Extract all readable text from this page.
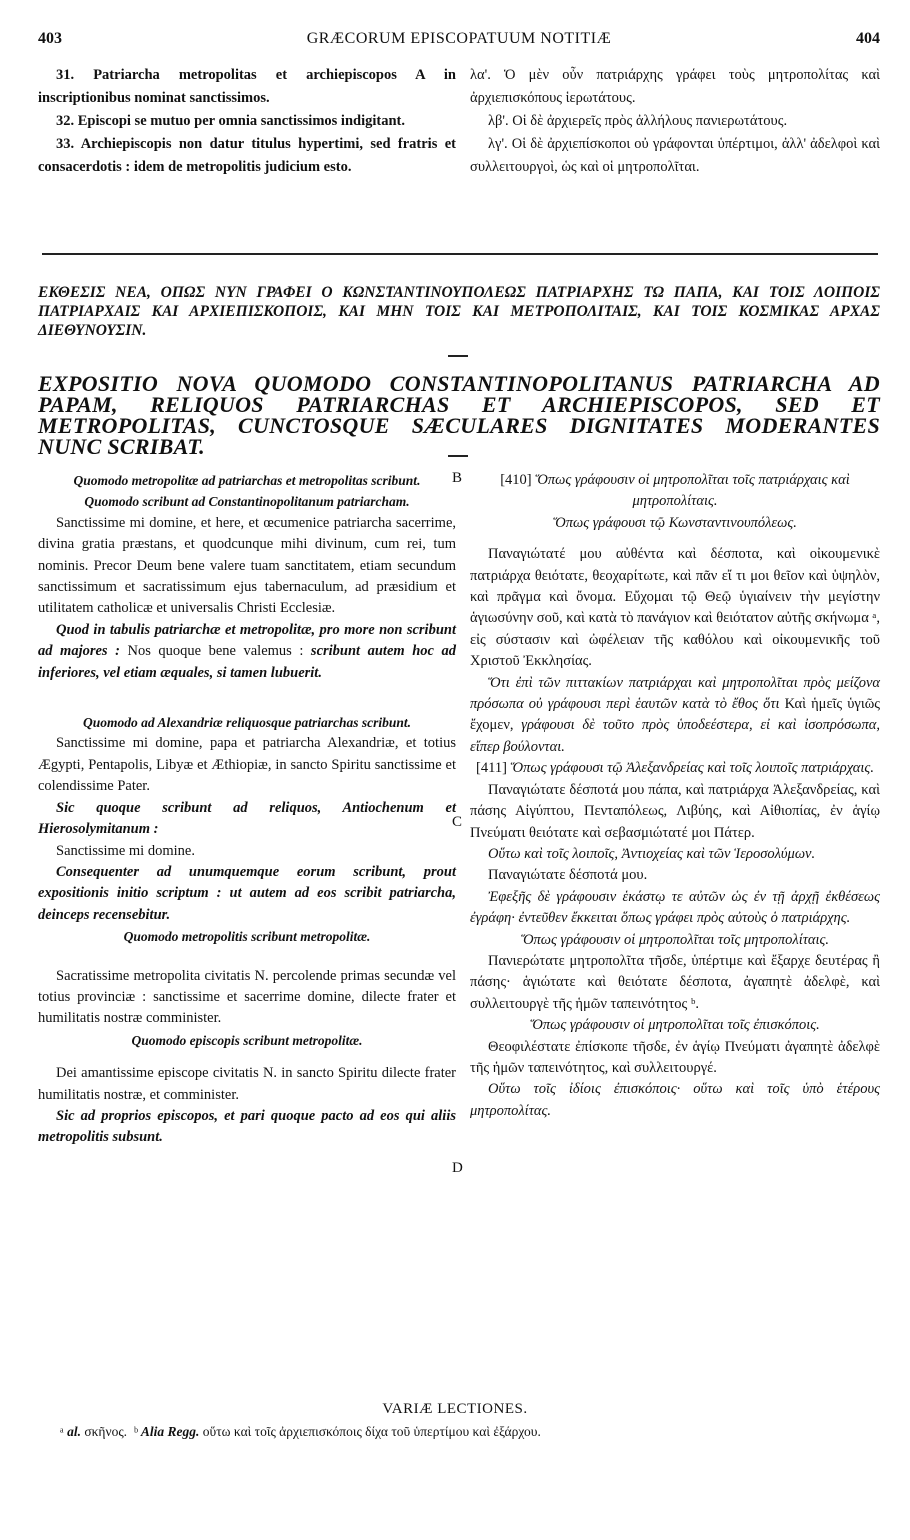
403	GRÆCORUM EPISCOPATUUM NOTITIÆ	404

31. Patriarcha metropolitas et archiepiscopos A in inscriptionibus nominat sanctissimos.

32. Episcopi se mutuo per omnia sanctissimos indigitant.

33. Archiepiscopis non datur titulus hypertimi, sed fratris et consacerdotis : idem de metropolitis judicium esto.

λα'. Ὁ μὲν οὖν πατριάρχης γράφει τοὺς μητροπολίτας καὶ ἀρχιεπισκόπους ἱερωτάτους.

λβ'. Οἱ δὲ ἀρχιερεῖς πρὸς ἀλλήλους πανιερωτάτους.

λγ'. Οἱ δὲ ἀρχιεπίσκοποι οὐ γράφονται ὑπέρτιμοι, ἀλλ' ἀδελφοὶ καὶ συλλειτουργοὶ, ὡς καὶ οἱ μητροπολῖται.

ΕΚΘΕΣΙΣ ΝΕΑ, ΟΠΩΣ ΝΥΝ ΓΡΑΦΕΙ Ο ΚΩΝΣΤΑΝΤΙΝΟΥΠΟΛΕΩΣ ΠΑΤΡΙΑΡΧΗΣ ΤΩ ΠΑΠΑ, ΚΑΙ ΤΟΙΣ ΛΟΙΠΟΙΣ ΠΑΤΡΙΑΡΧΑΙΣ ΚΑΙ ΑΡΧΙΕΠΙΣΚΟΠΟΙΣ, ΚΑΙ ΜΗΝ ΤΟΙΣ ΚΑΙ ΜΕΤΡΟΠΟΛΙΤΑΙΣ, ΚΑΙ ΤΟΙΣ ΚΟΣΜΙΚΑΣ ΑΡΧΑΣ ΔΙΕΘΥΝΟΥΣΙΝ.
EXPOSITIO NOVA QUOMODO CONSTANTINOPOLITANUS PATRIARCHA AD PAPAM, RELIQUOS PATRIARCHAS ET ARCHIEPISCOPOS, SED ET METROPOLITAS, CUNCTOSQUE SÆCULARES DIGNITATES MODERANTES NUNC SCRIBAT.
B
C
D

Quomodo metropolitæ ad patriarchas et metropolitas scribunt.

Quomodo scribunt ad Constantinopolitanum patriarcham.

Sanctissime mi domine, et here, et œcumenice patriarcha sacerrime, divina gratia præstans, et quodcunque mihi divinum, cum rei, tum nominis. Precor Deum bene valere tuam sanctitatem, etiam secundum sanctissimum et sacratissimum ejus tabernaculum, ad præsidium et utilitatem catholicæ et universalis Christi Ecclesiæ.

Quod in tabulis patriarchæ et metropolitæ, pro more non scribunt ad majores : Nos quoque bene valemus : scribunt autem hoc ad inferiores, vel etiam æquales, si tamen lubuerit.

Quomodo ad Alexandriæ reliquosque patriarchas scribunt.

Sanctissime mi domine, papa et patriarcha Alexandriæ, et totius Ægypti, Pentapolis, Libyæ et Æthiopiæ, in sancto Spiritu sanctissime et colendissime Pater.

Sic quoque scribunt ad reliquos, Antiochenum et Hierosolymitanum :

Sanctissime mi domine.

Consequenter ad unumquemque eorum scribunt, prout expositionis initio scriptum : ut autem ad eos scribit patriarcha, deinceps recensebitur.

Quomodo metropolitis scribunt metropolitæ.

Sacratissime metropolita civitatis N. percolende primas secundæ vel totius provinciæ : sanctissime et sacerrime domine, dilecte frater et humilitatis nostræ comminister.

Quomodo episcopis scribunt metropolitæ.

Dei amantissime episcope civitatis N. in sancto Spiritu dilecte frater humilitatis nostræ, et comminister.

Sic ad proprios episcopos, et pari quoque pacto ad eos qui aliis metropolitis subsunt.

[410] Ὅπως γράφουσιν οἱ μητροπολῖται τοῖς πατριάρχαις καὶ μητροπολίταις.

Ὅπως γράφουσι τῷ Κωνσταντινουπόλεως.

Παναγιώτατέ μου αὐθέντα καὶ δέσποτα, καὶ οἰκουμενικὲ πατριάρχα θειότατε, θεοχαρίτωτε, καὶ πᾶν εἴ τι μοι θεῖον καὶ ὑψηλὸν, καὶ πρᾶγμα καὶ ὄνομα. Εὔχομαι τῷ Θεῷ ὑγιαίνειν τὴν μεγίστην ἁγιωσύνην σοῦ, καὶ κατὰ τὸ πανάγιον καὶ θειότατον αὐτῆς σκήνωμα ᵃ, εἰς σύστασιν καὶ ὠφέλειαν τῆς καθόλου καὶ οἰκουμενικῆς τοῦ Χριστοῦ Ἐκκλησίας.

Ὅτι ἐπὶ τῶν πιττακίων πατριάρχαι καὶ μητροπολῖται πρὸς μείζονα πρόσωπα οὐ γράφουσι περὶ ἑαυτῶν κατὰ τὸ ἔθος ὅτι Καὶ ἡμεῖς ὑγιῶς ἔχομεν, γράφουσι δὲ τοῦτο πρὸς ὑποδεέστερα, εἰ καὶ ἰσοπρόσωπα, εἴπερ βούλονται.

[411] Ὅπως γράφουσι τῷ Ἀλεξανδρείας καὶ τοῖς λοιποῖς πατριάρχαις.

Παναγιώτατε δέσποτά μου πάπα, καὶ πατριάρχα Ἀλεξανδρείας, καὶ πάσης Αἰγύπτου, Πενταπόλεως, Λιβύης, καὶ Αἰθιοπίας, ἐν ἁγίῳ Πνεύματι θειότατε καὶ σεβασμιώτατέ μοι Πάτερ.

Οὕτω καὶ τοῖς λοιποῖς, Ἀντιοχείας καὶ τῶν Ἱεροσολύμων.

Παναγιώτατε δέσποτά μου.

Ἐφεξῆς δὲ γράφουσιν ἑκάστῳ τε αὐτῶν ὡς ἐν τῇ ἀρχῇ ἐκθέσεως ἐγράφη· ἐντεῦθεν ἔκκειται ὅπως γράφει πρὸς αὐτοὺς ὁ πατριάρχης.

Ὅπως γράφουσιν οἱ μητροπολῖται τοῖς μητροπολίταις.

Πανιερώτατε μητροπολῖτα τῆσδε, ὑπέρτιμε καὶ ἔξαρχε δευτέρας ἢ πάσης· ἁγιώτατε καὶ θειότατε δέσποτα, ἀγαπητὲ ἀδελφὲ, καὶ συλλειτουργὲ τῆς ἡμῶν ταπεινότητος ᵇ.

Ὅπως γράφουσιν οἱ μητροπολῖται τοῖς ἐπισκόποις.

Θεοφιλέστατε ἐπίσκοπε τῆσδε, ἐν ἁγίῳ Πνεύματι ἀγαπητὲ ἀδελφὲ τῆς ἡμῶν ταπεινότητος, καὶ συλλειτουργέ.

Οὕτω τοῖς ἰδίοις ἐπισκόποις· οὕτω καὶ τοῖς ὑπὸ ἑτέρους μητροπολίτας.

VARIÆ LECTIONES.
ᵃ al. σκῆνος. ᵇ Alia Regg. οὕτω καὶ τοῖς ἀρχιεπισκόποις δίχα τοῦ ὑπερτίμου καὶ ἐξάρχου.
